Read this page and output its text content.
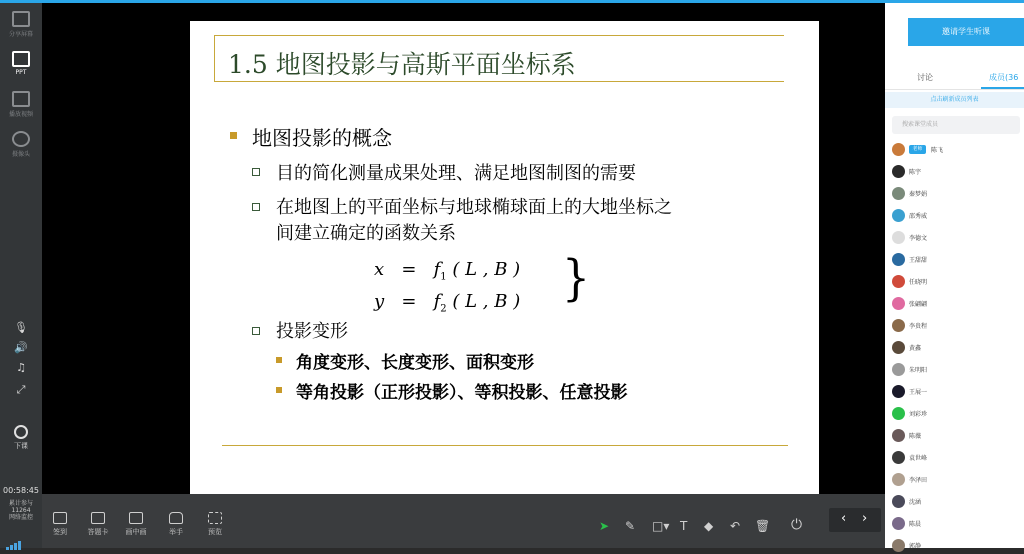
分享屏幕
PPT
播放视频
摄像头
🎙
🔊
♫
⤢
下课
00:58:45
累计参与
11264
网络监控
1.5 地图投影与高斯平面坐标系
地图投影的概念
目的简化测量成果处理、满足地图制图的需要
在地图上的平面坐标与地球椭球面上的大地坐标之
间建立确定的函数关系
$x = f_1$ ( L , B )
$y = f_2$ ( L , B ) }
投影变形
角度变形、长度变形、面积变形
等角投影（正形投影）、等积投影、任意投影
签到	答题卡	画中画	举手	预览	➤ ✎ □▾ T ◆ ↶ 🗑 ⏻	‹ ›
邀请学生听课
讨论	成员(36
点击刷新成员列表
搜索课堂成员
老师	陈飞
陈宇
秦梦娟
邵秀威
李德文
王甜甜
任晓明
张翩翩
李贵程
黄鑫
朱明阳
王展一
刘彩珍
陈薇
袁世峰
李泽田
沈涵
陈晨
郭静
